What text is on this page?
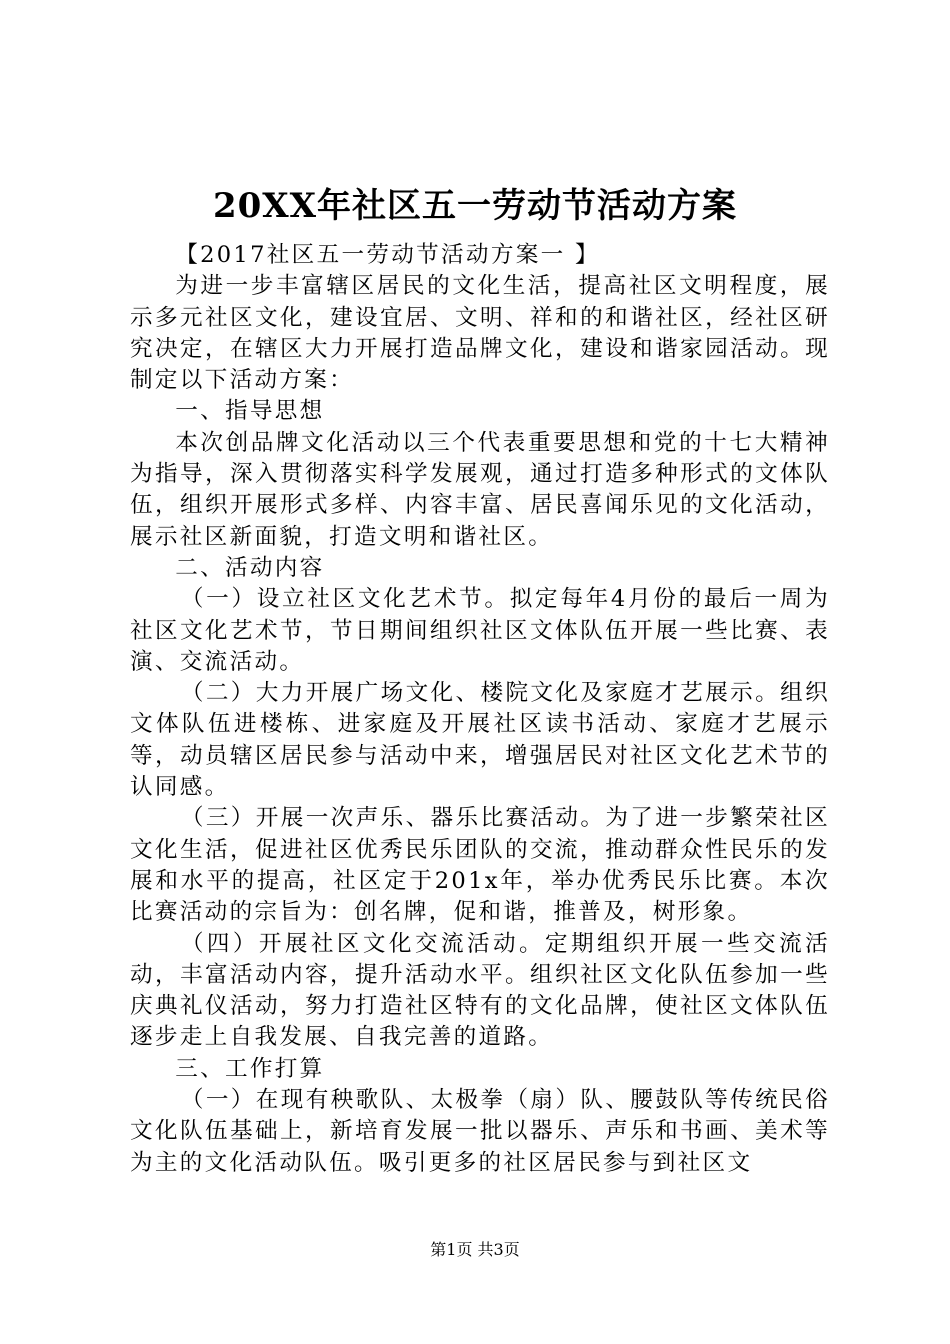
20XX年社区五一劳动节活动方案

【2017社区五一劳动节活动方案一 】

为进一步丰富辖区居民的文化生活，提高社区文明程度，展示多元社区文化，建设宜居、文明、祥和的和谐社区，经社区研究决定，在辖区大力开展打造品牌文化，建设和谐家园活动。现制定以下活动方案：

一、指导思想

本次创品牌文化活动以三个代表重要思想和党的十七大精神为指导，深入贯彻落实科学发展观，通过打造多种形式的文体队伍，组织开展形式多样、内容丰富、居民喜闻乐见的文化活动，展示社区新面貌，打造文明和谐社区。

二、活动内容

（一）设立社区文化艺术节。拟定每年4月份的最后一周为社区文化艺术节，节日期间组织社区文体队伍开展一些比赛、表演、交流活动。

（二）大力开展广场文化、楼院文化及家庭才艺展示。组织文体队伍进楼栋、进家庭及开展社区读书活动、家庭才艺展示等，动员辖区居民参与活动中来，增强居民对社区文化艺术节的认同感。

（三）开展一次声乐、器乐比赛活动。为了进一步繁荣社区文化生活，促进社区优秀民乐团队的交流，推动群众性民乐的发展和水平的提高，社区定于201x年，举办优秀民乐比赛。本次比赛活动的宗旨为：创名牌，促和谐，推普及，树形象。

（四）开展社区文化交流活动。定期组织开展一些交流活动，丰富活动内容，提升活动水平。组织社区文化队伍参加一些庆典礼仪活动，努力打造社区特有的文化品牌，使社区文体队伍逐步走上自我发展、自我完善的道路。

三、工作打算

（一）在现有秧歌队、太极拳（扇）队、腰鼓队等传统民俗文化队伍基础上，新培育发展一批以器乐、声乐和书画、美术等为主的文化活动队伍。吸引更多的社区居民参与到社区文

第1页 共3页
